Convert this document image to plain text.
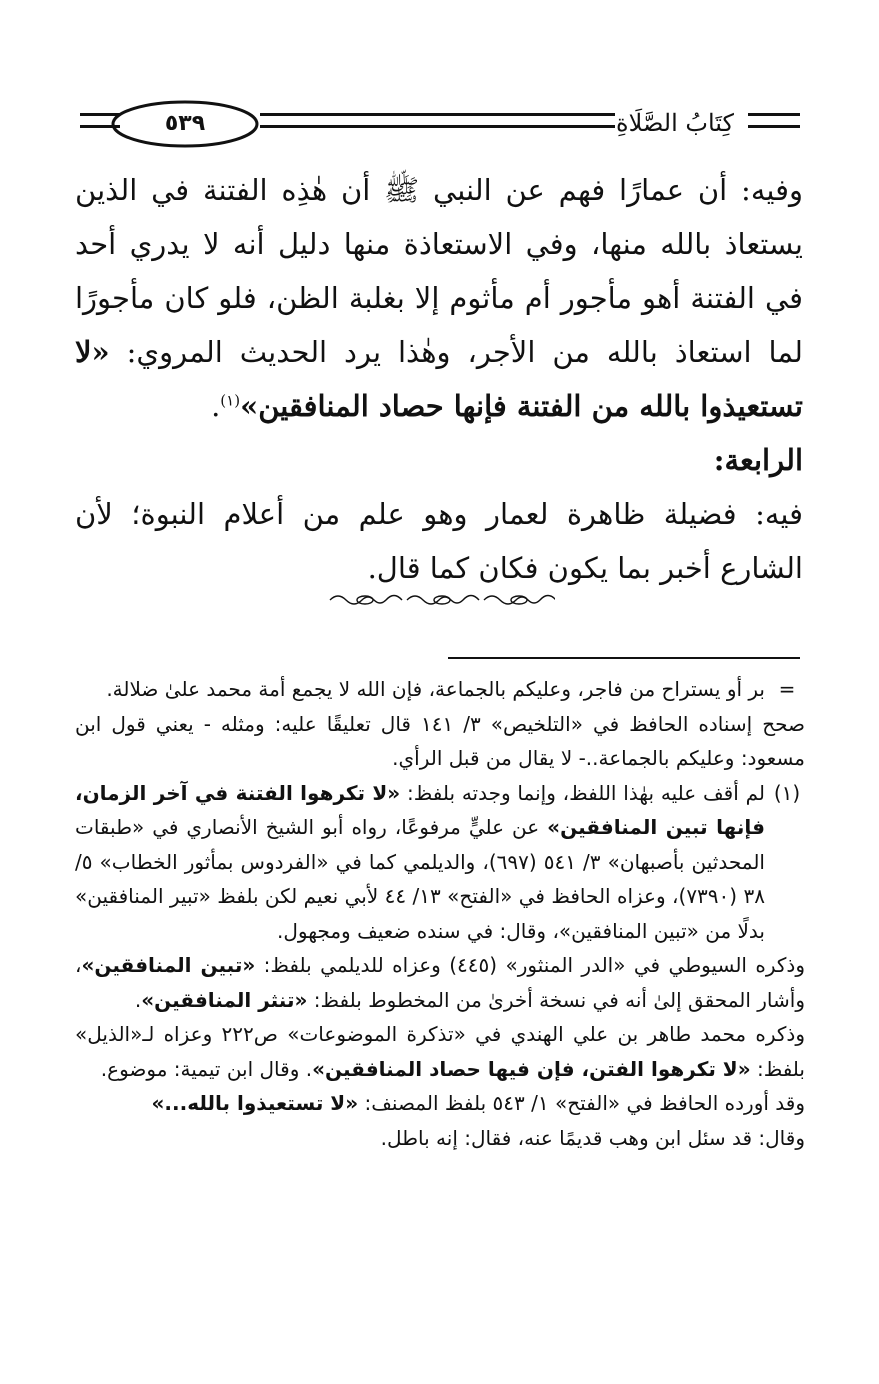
٥٣٩	كِتَابُ الصَّلَاةِ

وفيه: أن عمارًا فهم عن النبي ﷺ أن هٰذِه الفتنة في الذين يستعاذ بالله منها، وفي الاستعاذة منها دليل أنه لا يدري أحد في الفتنة أهو مأجور أم مأثوم إلا بغلبة الظن، فلو كان مأجورًا لما استعاذ بالله من الأجر، وهٰذا يرد الحديث المروي: «لا تستعيذوا بالله من الفتنة فإنها حصاد المنافقين»$^{(١)}$.

الرابعة:

فيه: فضيلة ظاهرة لعمار وهو علم من أعلام النبوة؛ لأن الشارع أخبر بما يكون فكان كما قال.

=

بر أو يستراح من فاجر، وعليكم بالجماعة، فإن الله لا يجمع أمة محمد علىٰ ضلالة.

صحح إسناده الحافظ في «التلخيص» ٣/ ١٤١ قال تعليقًا عليه: ومثله - يعني قول ابن مسعود: وعليكم بالجماعة..- لا يقال من قبل الرأي.

(١)

لم أقف عليه بهٰذا اللفظ، وإنما وجدته بلفظ: «لا تكرهوا الفتنة في آخر الزمان، فإنها تبين المنافقين» عن عليٍّ مرفوعًا، رواه أبو الشيخ الأنصاري في «طبقات المحدثين بأصبهان» ٣/ ٥٤١ (٦٩٧)، والديلمي كما في «الفردوس بمأثور الخطاب» ٥/ ٣٨ (٧٣٩٠)، وعزاه الحافظ في «الفتح» ١٣/ ٤٤ لأبي نعيم لكن بلفظ «تبير المنافقين» بدلًا من «تبين المنافقين»، وقال: في سنده ضعيف ومجهول.

وذكره السيوطي في «الدر المنثور» (٤٤٥) وعزاه للديلمي بلفظ: «تبين المنافقين»، وأشار المحقق إلىٰ أنه في نسخة أخرىٰ من المخطوط بلفظ: «تنثر المنافقين».

وذكره محمد طاهر بن علي الهندي في «تذكرة الموضوعات» ص٢٢٢ وعزاه لـ«الذيل» بلفظ: «لا تكرهوا الفتن، فإن فيها حصاد المنافقين». وقال ابن تيمية: موضوع.

وقد أورده الحافظ في «الفتح» ١/ ٥٤٣ بلفظ المصنف: «لا تستعيذوا بالله...»

وقال: قد سئل ابن وهب قديمًا عنه، فقال: إنه باطل.
